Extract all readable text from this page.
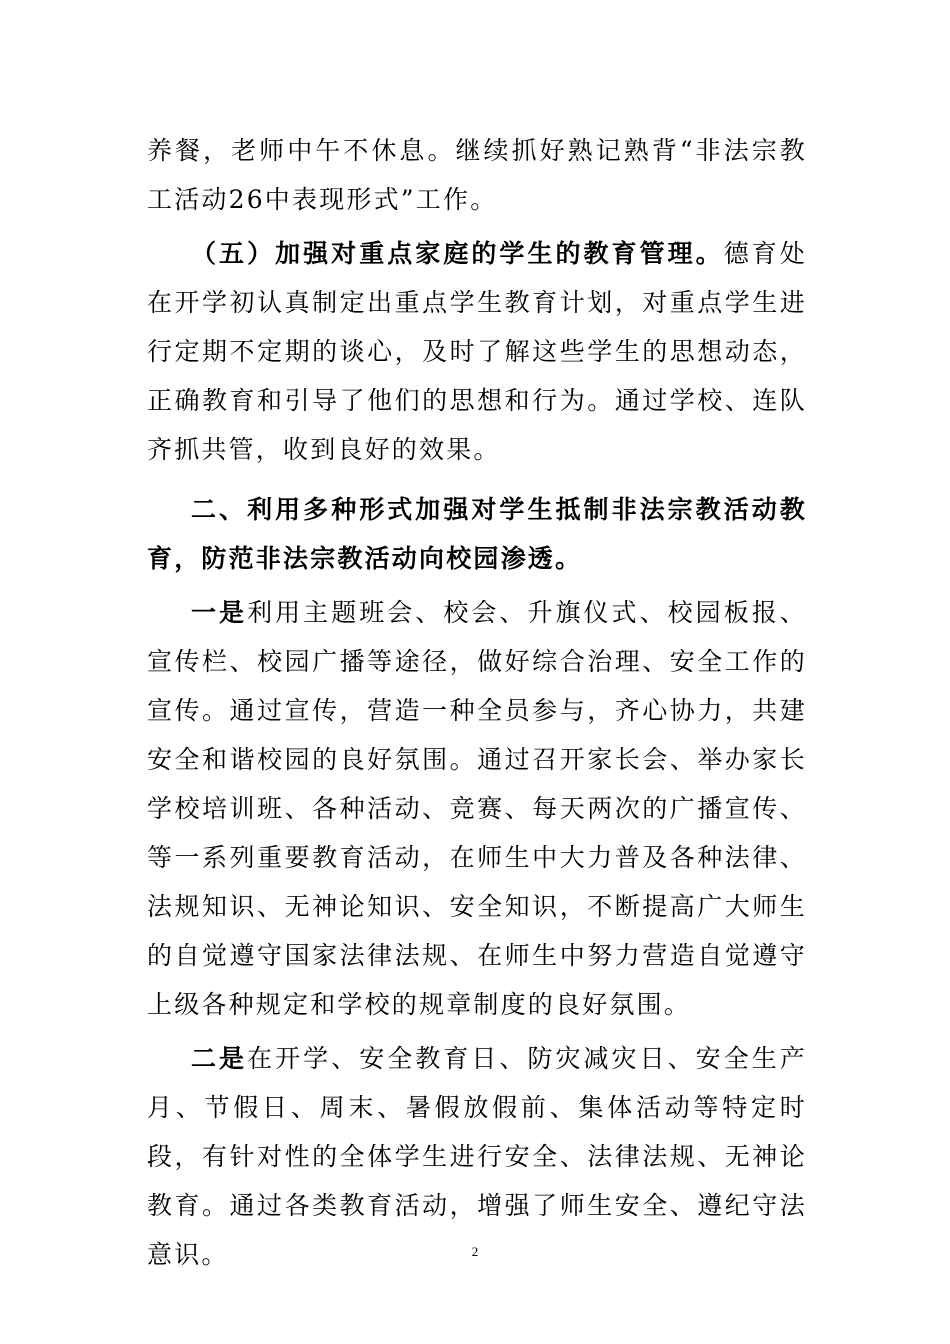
养餐，老师中午不休息。继续抓好熟记熟背“非法宗教工活动26中表现形式”工作。

（五）加强对重点家庭的学生的教育管理。德育处在开学初认真制定出重点学生教育计划，对重点学生进行定期不定期的谈心，及时了解这些学生的思想动态，正确教育和引导了他们的思想和行为。通过学校、连队齐抓共管，收到良好的效果。

二、利用多种形式加强对学生抵制非法宗教活动教育，防范非法宗教活动向校园渗透。

一是利用主题班会、校会、升旗仪式、校园板报、宣传栏、校园广播等途径，做好综合治理、安全工作的宣传。通过宣传，营造一种全员参与，齐心协力，共建安全和谐校园的良好氛围。通过召开家长会、举办家长学校培训班、各种活动、竞赛、每天两次的广播宣传、等一系列重要教育活动，在师生中大力普及各种法律、法规知识、无神论知识、安全知识，不断提高广大师生的自觉遵守国家法律法规、在师生中努力营造自觉遵守上级各种规定和学校的规章制度的良好氛围。

二是在开学、安全教育日、防灾减灾日、安全生产月、节假日、周末、暑假放假前、集体活动等特定时段，有针对性的全体学生进行安全、法律法规、无神论教育。通过各类教育活动，增强了师生安全、遵纪守法意识。	2
